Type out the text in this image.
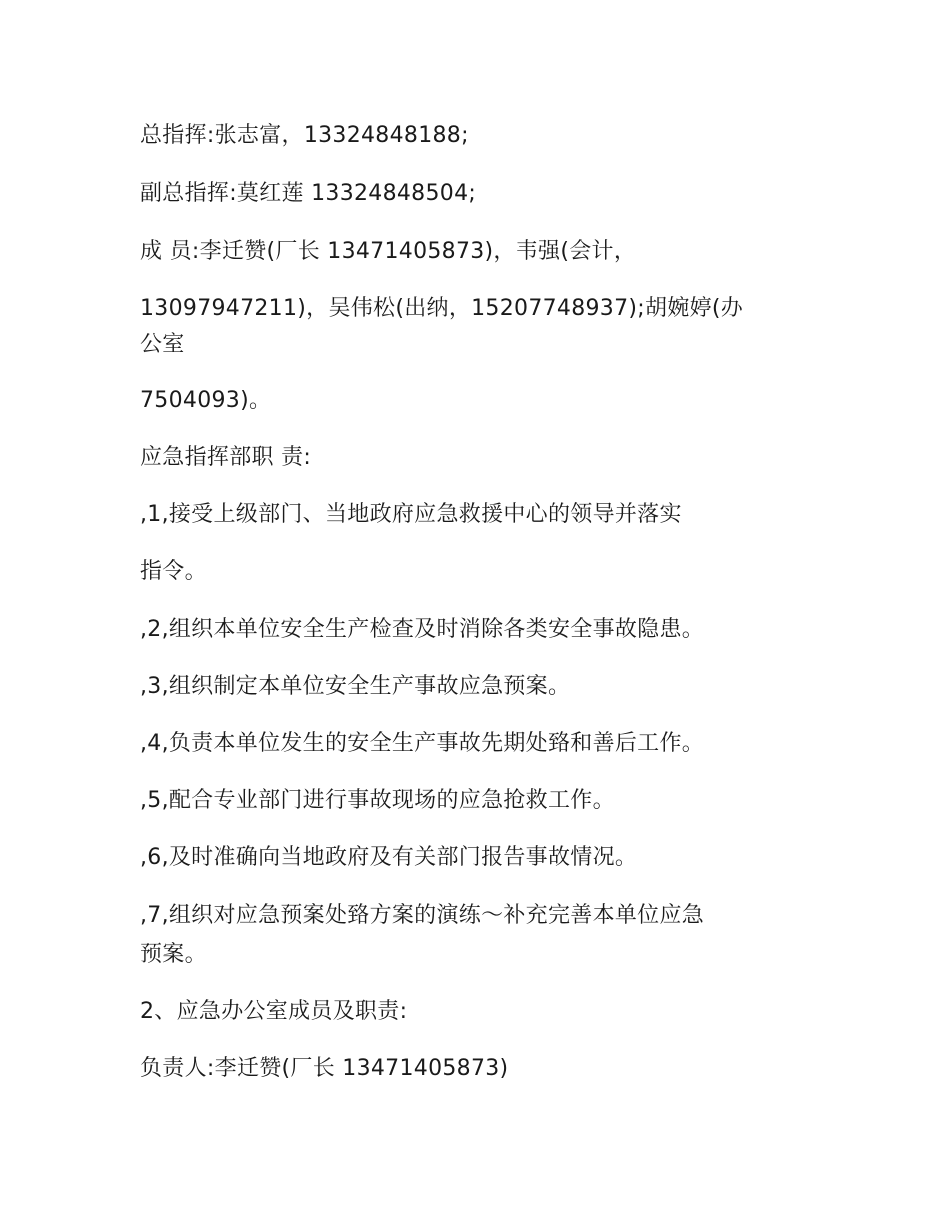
总指挥:张志富，13324848188;
副总指挥:莫红莲 13324848504;
成 员:李迁赞(厂长 13471405873)，韦强(会计，
13097947211)，吴伟松(出纳，15207748937);胡婉婷(办
公室
7504093)。
应急指挥部职 责:
,1,接受上级部门、当地政府应急救援中心的领导并落实
指令。
,2,组织本单位安全生产检查及时消除各类安全事故隐患。
,3,组织制定本单位安全生产事故应急预案。
,4,负责本单位发生的安全生产事故先期处臵和善后工作。
,5,配合专业部门进行事故现场的应急抢救工作。
,6,及时准确向当地政府及有关部门报告事故情况。
,7,组织对应急预案处臵方案的演练～补充完善本单位应急
预案。
2、应急办公室成员及职责:
负责人:李迁赞(厂长 13471405873)
